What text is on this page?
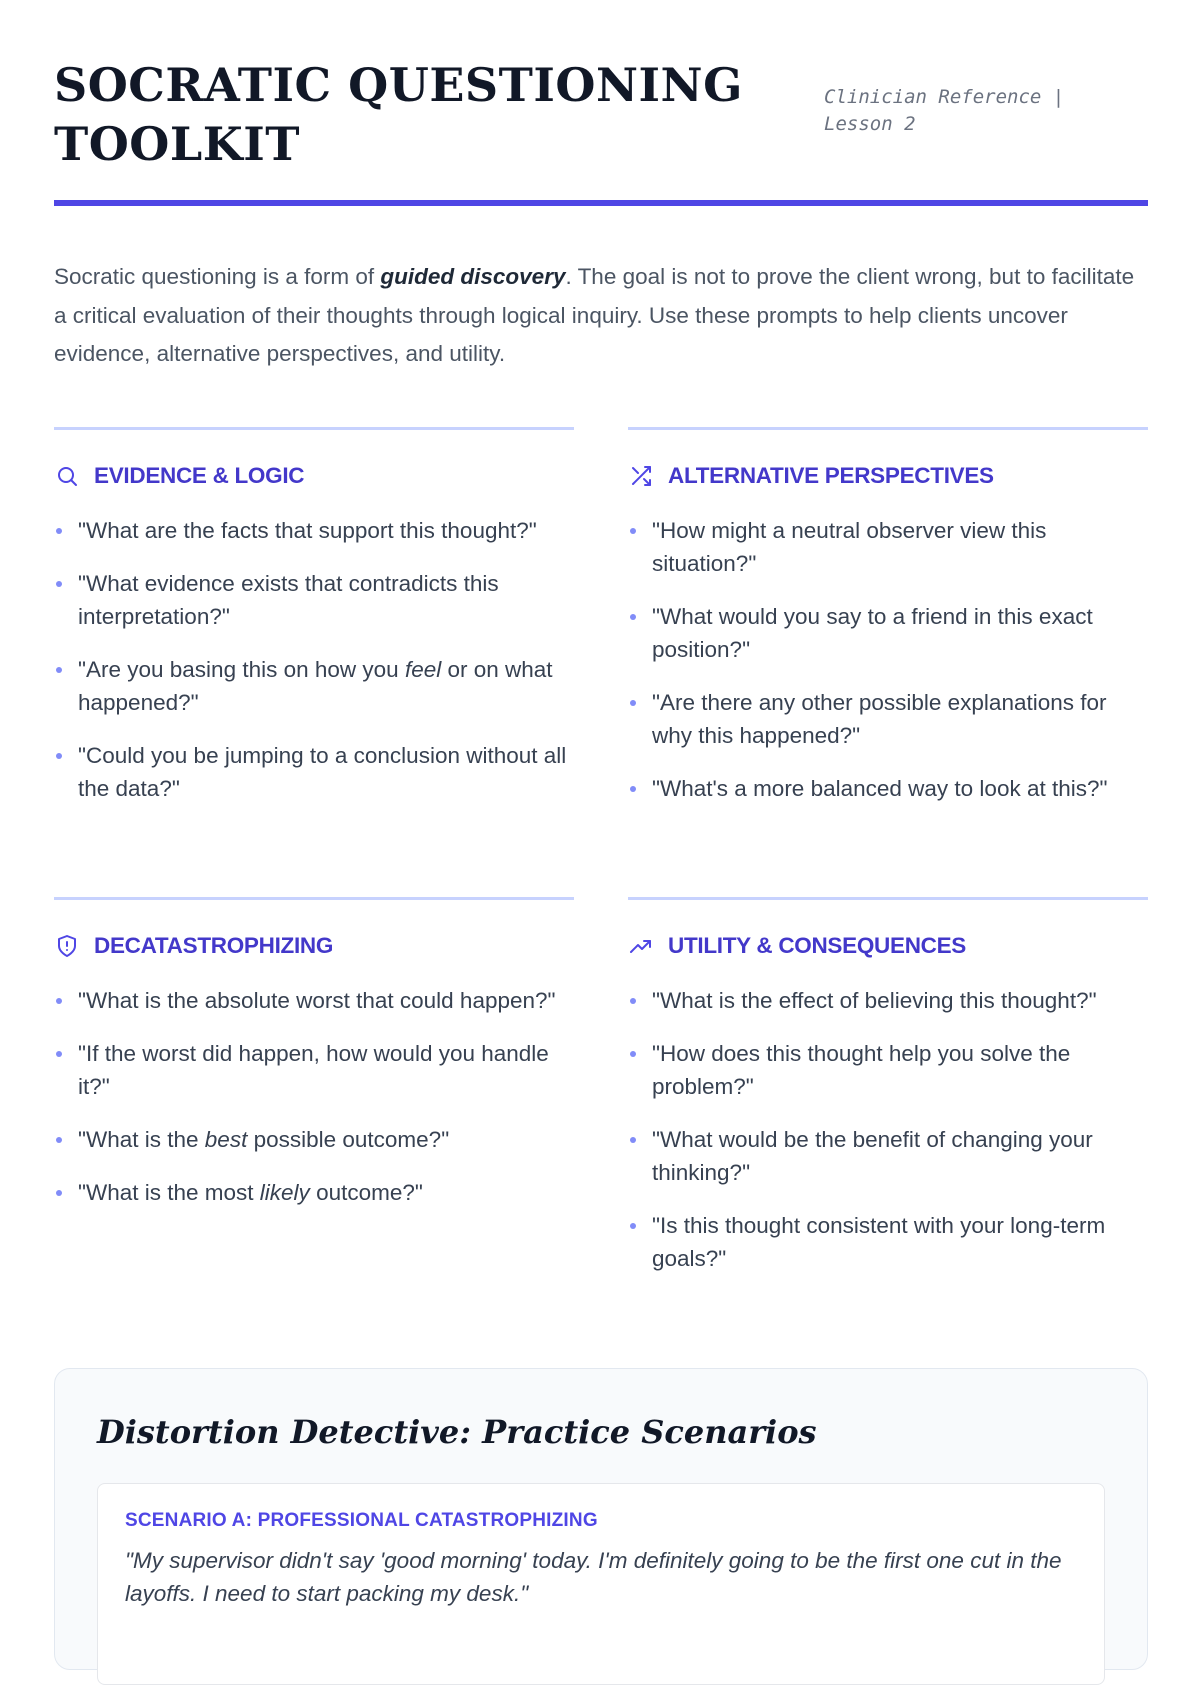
SOCRATIC QUESTIONING TOOLKIT
Clinician Reference | Lesson 2

Socratic questioning is a form of guided discovery. The goal is not to prove the client wrong, but to facilitate a critical evaluation of their thoughts through logical inquiry. Use these prompts to help clients uncover evidence, alternative perspectives, and utility.

EVIDENCE & LOGIC
"What are the facts that support this thought?"
"What evidence exists that contradicts this interpretation?"
"Are you basing this on how you feel or on what happened?"
"Could you be jumping to a conclusion without all the data?"
ALTERNATIVE PERSPECTIVES
"How might a neutral observer view this situation?"
"What would you say to a friend in this exact position?"
"Are there any other possible explanations for why this happened?"
"What's a more balanced way to look at this?"
DECATASTROPHIZING
"What is the absolute worst that could happen?"
"If the worst did happen, how would you handle it?"
"What is the best possible outcome?"
"What is the most likely outcome?"
UTILITY & CONSEQUENCES
"What is the effect of believing this thought?"
"How does this thought help you solve the problem?"
"What would be the benefit of changing your thinking?"
"Is this thought consistent with your long-term goals?"
Distortion Detective: Practice Scenarios
SCENARIO A: PROFESSIONAL CATASTROPHIZING

"My supervisor didn't say 'good morning' today. I'm definitely going to be the first one cut in the layoffs. I need to start packing my desk."
